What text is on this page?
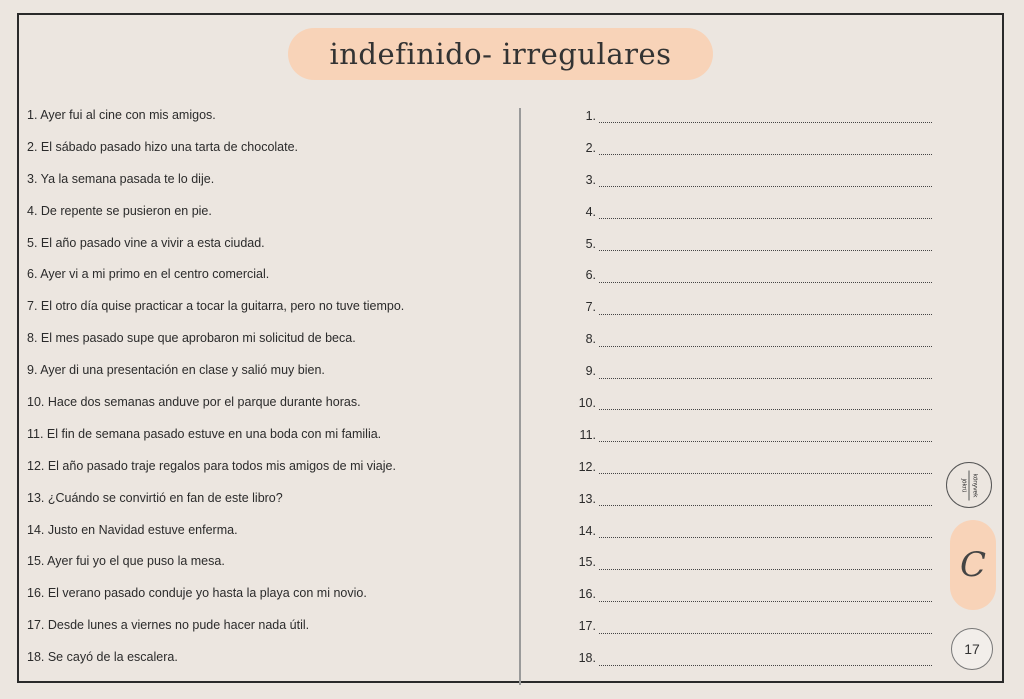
indefinido- irregulares
1. Ayer fui al cine con mis amigos.
2. El sábado pasado hizo una tarta de chocolate.
3. Ya la semana pasada te lo dije.
4. De repente se pusieron en pie.
5. El año pasado vine a vivir a esta ciudad.
6. Ayer vi a mi primo en el centro comercial.
7. El otro día quise practicar a tocar la guitarra, pero no tuve tiempo.
8. El mes pasado supe que aprobaron mi solicitud de beca.
9. Ayer di una presentación en clase y salió muy bien.
10. Hace dos semanas anduve por el parque durante horas.
11. El fin de semana pasado estuve en una boda con mi familia.
12. El año pasado traje regalos para todos mis amigos de mi viaje.
13. ¿Cuándo se convirtió en fan de este libro?
14. Justo en Navidad estuve enferma.
15. Ayer fui yo el que puso la mesa.
16. El verano pasado conduje yo hasta la playa con mi novio.
17. Desde lunes a viernes no pude hacer nada útil.
18. Se cayó de la escalera.
1.
2.
3.
4.
5.
6.
7.
8.
9.
10.
11.
12.
13.
14.
15.
16.
17.
18.
könyvek
jókrü
C
17
